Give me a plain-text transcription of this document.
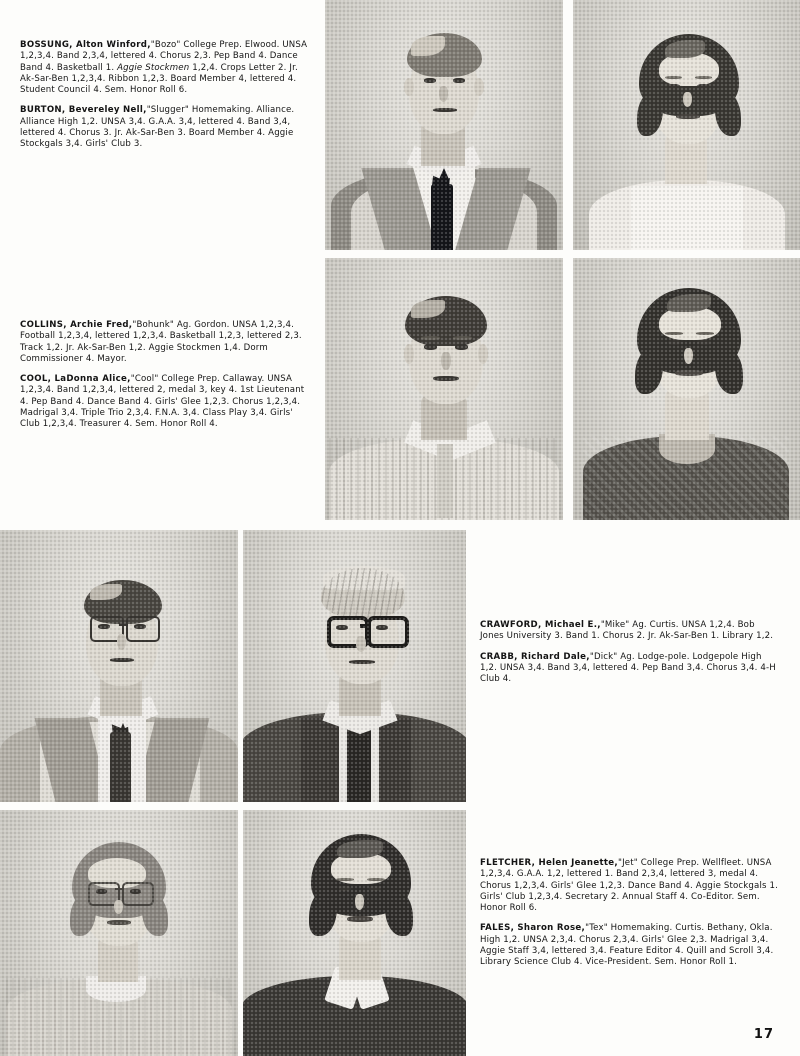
BOSSUNG, Alton Winford,"Bozo" College Prep. Elwood. UNSA 1,2,3,4. Band 2,3,4, lettered 4. Chorus 2,3. Pep Band 4. Dance Band 4. Basketball 1. Aggie Stockmen 1,2,4. Crops Letter 2. Jr. Ak-Sar-Ben 1,2,3,4. Ribbon 1,2,3. Board Member 4, lettered 4. Student Council 4. Sem. Honor Roll 6.

BURTON, Bevereley Nell,"Slugger" Homemaking. Alliance. Alliance High 1,2. UNSA 3,4. G.A.A. 3,4, lettered 4. Band 3,4, lettered 4. Chorus 3. Jr. Ak-Sar-Ben 3. Board Member 4. Aggie Stockgals 3,4. Girls' Club 3.

COLLINS, Archie Fred,"Bohunk" Ag. Gordon. UNSA 1,2,3,4. Football 1,2,3,4, lettered 1,2,3,4. Basketball 1,2,3, lettered 2,3. Track 1,2. Jr. Ak-Sar-Ben 1,2. Aggie Stockmen 1,4. Dorm Commissioner 4. Mayor.

COOL, LaDonna Alice,"Cool" College Prep. Callaway. UNSA 1,2,3,4. Band 1,2,3,4, lettered 2, medal 3, key 4. 1st Lieutenant 4. Pep Band 4. Dance Band 4. Girls' Glee 1,2,3. Chorus 1,2,3,4. Madrigal 3,4. Triple Trio 2,3,4. F.N.A. 3,4. Class Play 3,4. Girls' Club 1,2,3,4. Treasurer 4. Sem. Honor Roll 4.

CRAWFORD, Michael E.,"Mike" Ag. Curtis. UNSA 1,2,4. Bob Jones University 3. Band 1. Chorus 2. Jr. Ak-Sar-Ben 1. Library 1,2.

CRABB, Richard Dale,"Dick" Ag. Lodge-pole. Lodgepole High 1,2. UNSA 3,4. Band 3,4, lettered 4. Pep Band 3,4. Chorus 3,4. 4-H Club 4.

FLETCHER, Helen Jeanette,"Jet" College Prep. Wellfleet. UNSA 1,2,3,4. G.A.A. 1,2, lettered 1. Band 2,3,4, lettered 3, medal 4. Chorus 1,2,3,4. Girls' Glee 1,2,3. Dance Band 4. Aggie Stockgals 1. Girls' Club 1,2,3,4. Secretary 2. Annual Staff 4. Co-Editor. Sem. Honor Roll 6.

FALES, Sharon Rose,"Tex" Homemaking. Curtis. Bethany, Okla. High 1,2. UNSA 2,3,4. Chorus 2,3,4. Girls' Glee 2,3. Madrigal 3,4. Aggie Staff 3,4, lettered 3,4. Feature Editor 4. Quill and Scroll 3,4. Library Science Club 4. Vice-President. Sem. Honor Roll 1.

17
